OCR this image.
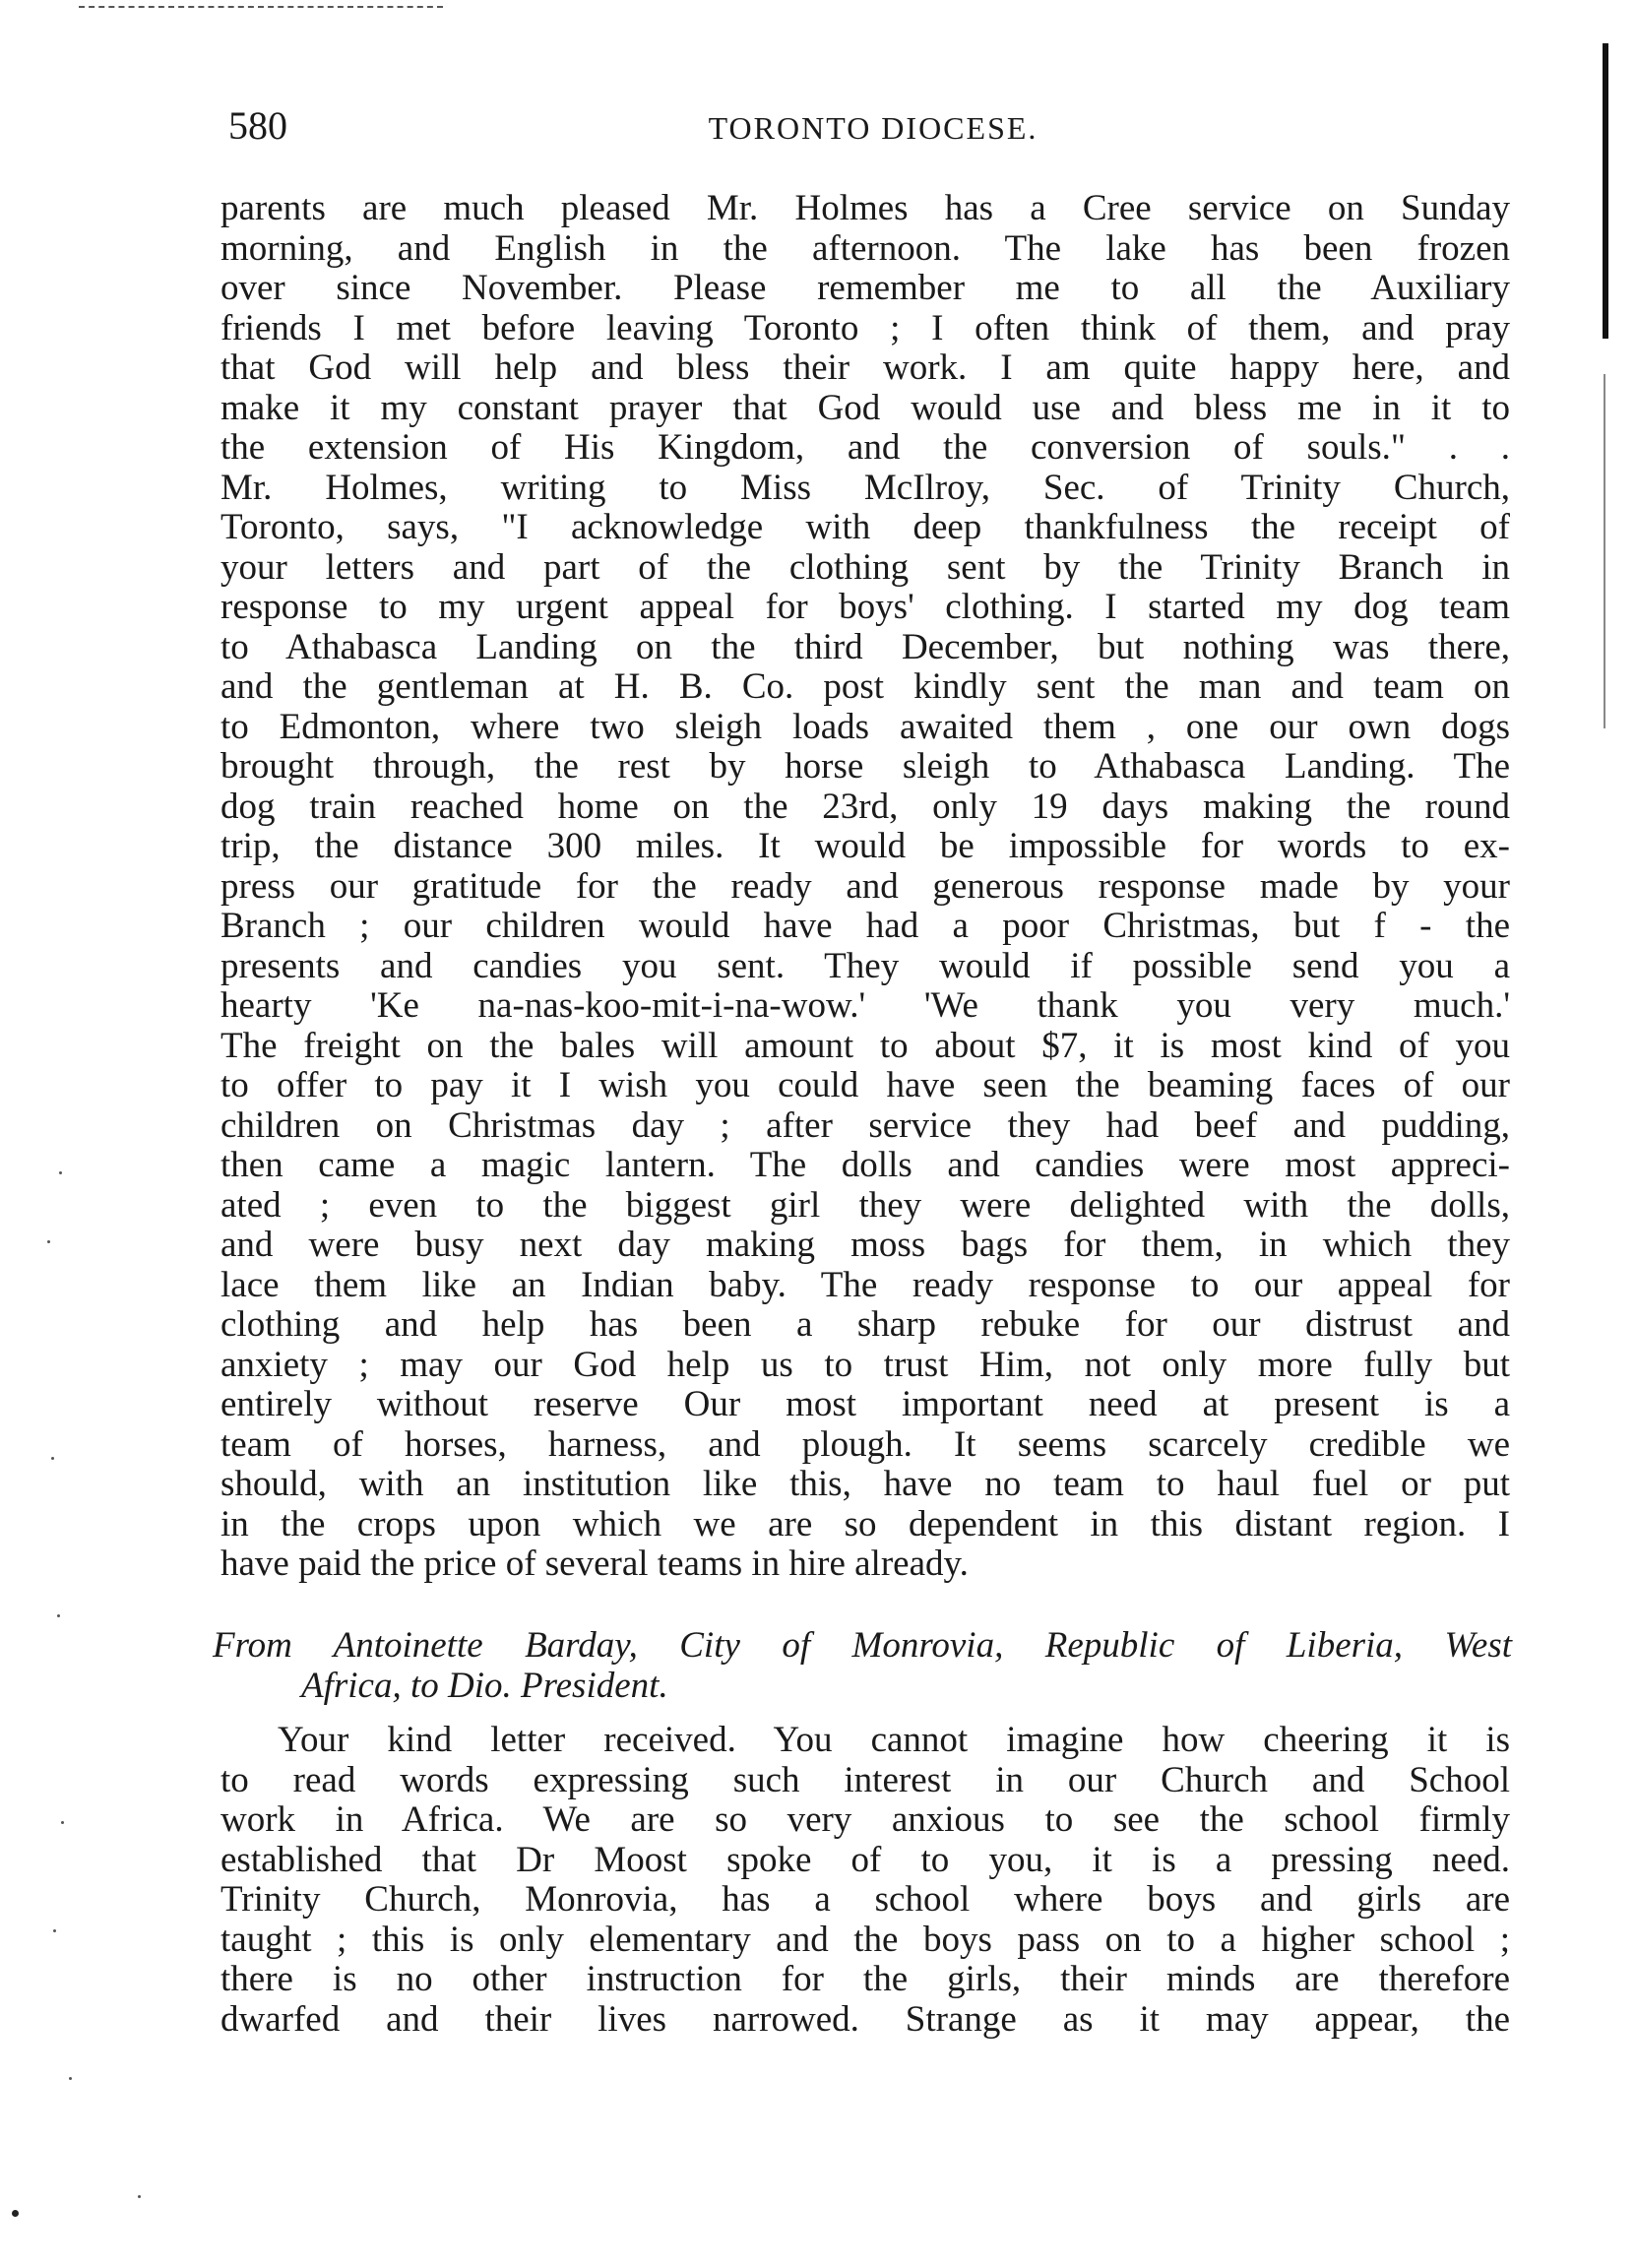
580	TORONTO DIOCESE.
parents are much pleased Mr. Holmes has a Cree service on Sunday
morning, and English in the afternoon. The lake has been frozen
over since November. Please remember me to all the Auxiliary
friends I met before leaving Toronto ; I often think of them, and pray
that God will help and bless their work. I am quite happy here, and
make it my constant prayer that God would use and bless me in it to
the extension of His Kingdom, and the conversion of souls." . .
Mr. Holmes, writing to Miss McIlroy, Sec. of Trinity Church,
Toronto, says, "I acknowledge with deep thankfulness the receipt of
your letters and part of the clothing sent by the Trinity Branch in
response to my urgent appeal for boys' clothing. I started my dog team
to Athabasca Landing on the third December, but nothing was there,
and the gentleman at H. B. Co. post kindly sent the man and team on
to Edmonton, where two sleigh loads awaited them , one our own dogs
brought through, the rest by horse sleigh to Athabasca Landing. The
dog train reached home on the 23rd, only 19 days making the round
trip, the distance 300 miles. It would be impossible for words to ex-
press our gratitude for the ready and generous response made by your
Branch ; our children would have had a poor Christmas, but f - the
presents and candies you sent. They would if possible send you a
hearty 'Ke na-nas-koo-mit-i-na-wow.' 'We thank you very much.'
The freight on the bales will amount to about $7, it is most kind of you
to offer to pay it I wish you could have seen the beaming faces of our
children on Christmas day ; after service they had beef and pudding,
then came a magic lantern. The dolls and candies were most appreci-
ated ; even to the biggest girl they were delighted with the dolls,
and were busy next day making moss bags for them, in which they
lace them like an Indian baby. The ready response to our appeal for
clothing and help has been a sharp rebuke for our distrust and
anxiety ; may our God help us to trust Him, not only more fully but
entirely without reserve Our most important need at present is a
team of horses, harness, and plough. It seems scarcely credible we
should, with an institution like this, have no team to haul fuel or put
in the crops upon which we are so dependent in this distant region. I
have paid the price of several teams in hire already.
From Antoinette Barday, City of Monrovia, Republic of Liberia, West
Africa, to Dio. President.
Your kind letter received. You cannot imagine how cheering it is
to read words expressing such interest in our Church and School
work in Africa. We are so very anxious to see the school firmly
established that Dr Moost spoke of to you, it is a pressing need.
Trinity Church, Monrovia, has a school where boys and girls are
taught ; this is only elementary and the boys pass on to a higher school ;
there is no other instruction for the girls, their minds are therefore
dwarfed and their lives narrowed. Strange as it may appear, the
